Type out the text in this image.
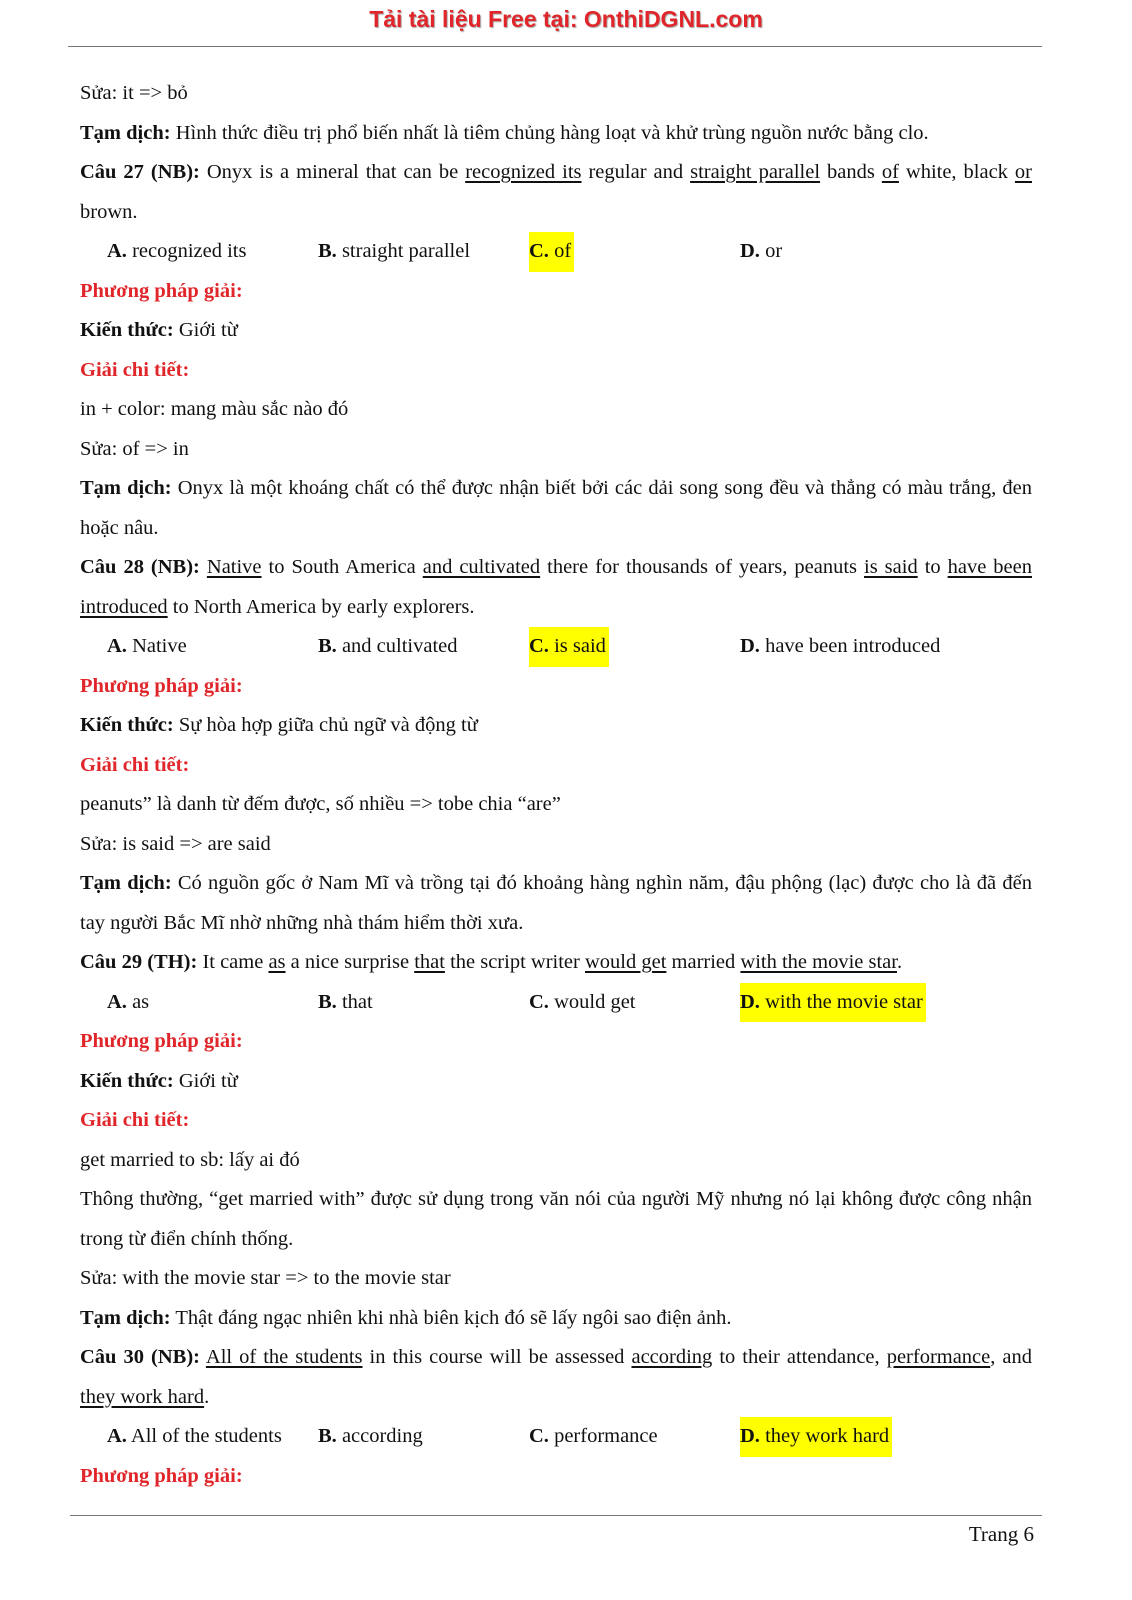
Tải tài liệu Free tại: OnthiDGNL.com

Sửa: it => bỏ

Tạm dịch: Hình thức điều trị phổ biến nhất là tiêm chủng hàng loạt và khử trùng nguồn nước bằng clo.

Câu 27 (NB): Onyx is a mineral that can be recognized its regular and straight parallel bands of white, black or brown.

A. recognized its	B. straight parallel	C. of	D. or

Phương pháp giải:

Kiến thức: Giới từ

Giải chi tiết:

in + color: mang màu sắc nào đó

Sửa: of => in

Tạm dịch: Onyx là một khoáng chất có thể được nhận biết bởi các dải song song đều và thẳng có màu trắng, đen hoặc nâu.

Câu 28 (NB): Native to South America and cultivated there for thousands of years, peanuts is said to have been introduced to North America by early explorers.

A. Native	B. and cultivated	C. is said	D. have been introduced

Phương pháp giải:

Kiến thức: Sự hòa hợp giữa chủ ngữ và động từ

Giải chi tiết:

peanuts” là danh từ đếm được, số nhiều => tobe chia “are”

Sửa: is said => are said

Tạm dịch: Có nguồn gốc ở Nam Mĩ và trồng tại đó khoảng hàng nghìn năm, đậu phộng (lạc) được cho là đã đến tay người Bắc Mĩ nhờ những nhà thám hiểm thời xưa.

Câu 29 (TH): It came as a nice surprise that the script writer would get married with the movie star.

A. as	B. that	C. would get	D. with the movie star

Phương pháp giải:

Kiến thức: Giới từ

Giải chi tiết:

get married to sb: lấy ai đó

Thông thường, “get married with” được sử dụng trong văn nói của người Mỹ nhưng nó lại không được công nhận trong từ điển chính thống.

Sửa: with the movie star => to the movie star

Tạm dịch: Thật đáng ngạc nhiên khi nhà biên kịch đó sẽ lấy ngôi sao điện ảnh.

Câu 30 (NB): All of the students in this course will be assessed according to their attendance, performance, and they work hard.

A. All of the students B. according	C. performance	D. they work hard

Phương pháp giải:

Trang 6
